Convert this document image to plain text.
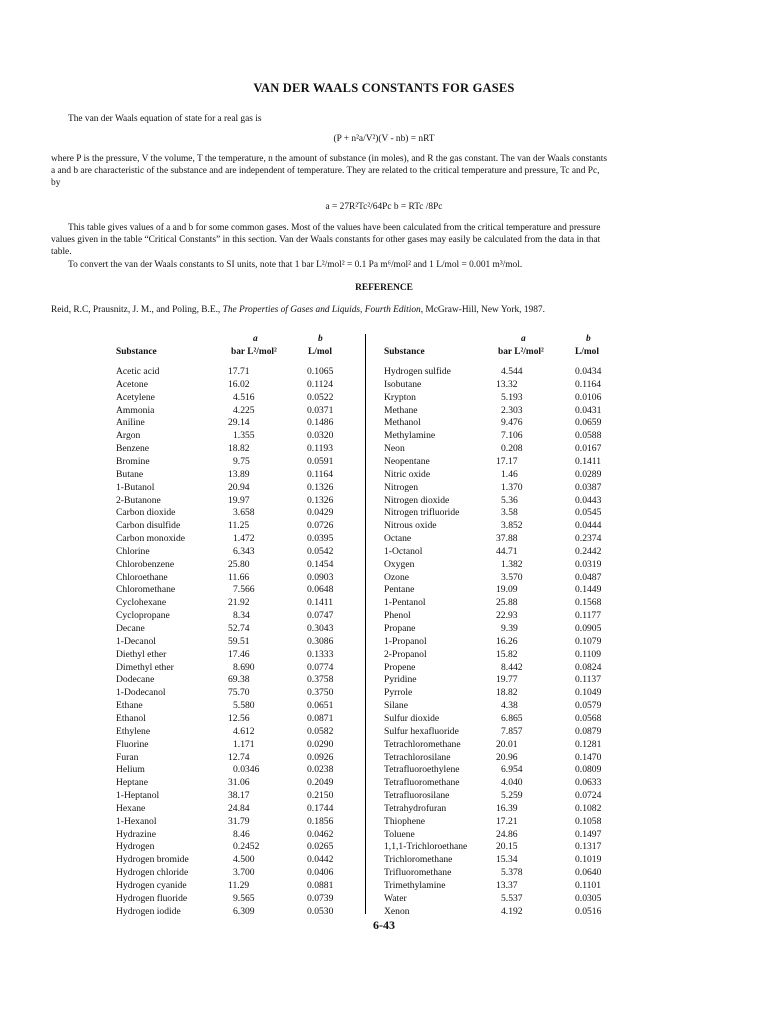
VAN DER WAALS CONSTANTS FOR GASES
The van der Waals equation of state for a real gas is
(P + n²a/V²)(V - nb) = nRT
where P is the pressure, V the volume, T the temperature, n the amount of substance (in moles), and R the gas constant. The van der Waals constants
a and b are characteristic of the substance and are independent of temperature. They are related to the critical temperature and pressure, Tc and Pc,
by
a = 27R²Tc²/64Pc b = RTc /8Pc
This table gives values of a and b for some common gases. Most of the values have been calculated from the critical temperature and pressure
values given in the table “Critical Constants” in this section. Van der Waals constants for other gases may easily be calculated from the data in that
table.
To convert the van der Waals constants to SI units, note that 1 bar L²/mol² = 0.1 Pa m⁶/mol² and 1 L/mol = 0.001 m³/mol.
REFERENCE
Reid, R.C, Prausnitz, J. M., and Poling, B.E., The Properties of Gases and Liquids, Fourth Edition, McGraw-Hill, New York, 1987.
a	b
Substance	bar L²/mol²	L/mol
a	b
Substance	bar L²/mol²	L/mol
Acetic acid	17.71	0.1065
Acetone	16.02	0.1124
Acetylene	4.516	0.0522
Ammonia	4.225	0.0371
Aniline	29.14	0.1486
Argon	1.355	0.0320
Benzene	18.82	0.1193
Bromine	9.75	0.0591
Butane	13.89	0.1164
1-Butanol	20.94	0.1326
2-Butanone	19.97	0.1326
Carbon dioxide	3.658	0.0429
Carbon disulfide	11.25	0.0726
Carbon monoxide	1.472	0.0395
Chlorine	6.343	0.0542
Chlorobenzene	25.80	0.1454
Chloroethane	11.66	0.0903
Chloromethane	7.566	0.0648
Cyclohexane	21.92	0.1411
Cyclopropane	8.34	0.0747
Decane	52.74	0.3043
1-Decanol	59.51	0.3086
Diethyl ether	17.46	0.1333
Dimethyl ether	8.690	0.0774
Dodecane	69.38	0.3758
1-Dodecanol	75.70	0.3750
Ethane	5.580	0.0651
Ethanol	12.56	0.0871
Ethylene	4.612	0.0582
Fluorine	1.171	0.0290
Furan	12.74	0.0926
Helium	0.0346	0.0238
Heptane	31.06	0.2049
1-Heptanol	38.17	0.2150
Hexane	24.84	0.1744
1-Hexanol	31.79	0.1856
Hydrazine	8.46	0.0462
Hydrogen	0.2452	0.0265
Hydrogen bromide	4.500	0.0442
Hydrogen chloride	3.700	0.0406
Hydrogen cyanide	11.29	0.0881
Hydrogen fluoride	9.565	0.0739
Hydrogen iodide	6.309	0.0530
Hydrogen sulfide	4.544	0.0434
Isobutane	13.32	0.1164
Krypton	5.193	0.0106
Methane	2.303	0.0431
Methanol	9.476	0.0659
Methylamine	7.106	0.0588
Neon	0.208	0.0167
Neopentane	17.17	0.1411
Nitric oxide	1.46	0.0289
Nitrogen	1.370	0.0387
Nitrogen dioxide	5.36	0.0443
Nitrogen trifluoride	3.58	0.0545
Nitrous oxide	3.852	0.0444
Octane	37.88	0.2374
1-Octanol	44.71	0.2442
Oxygen	1.382	0.0319
Ozone	3.570	0.0487
Pentane	19.09	0.1449
1-Pentanol	25.88	0.1568
Phenol	22.93	0.1177
Propane	9.39	0.0905
1-Propanol	16.26	0.1079
2-Propanol	15.82	0.1109
Propene	8.442	0.0824
Pyridine	19.77	0.1137
Pyrrole	18.82	0.1049
Silane	4.38	0.0579
Sulfur dioxide	6.865	0.0568
Sulfur hexafluoride	7.857	0.0879
Tetrachloromethane	20.01	0.1281
Tetrachlorosilane	20.96	0.1470
Tetrafluoroethylene	6.954	0.0809
Tetrafluoromethane	4.040	0.0633
Tetrafluorosilane	5.259	0.0724
Tetrahydrofuran	16.39	0.1082
Thiophene	17.21	0.1058
Toluene	24.86	0.1497
1,1,1-Trichloroethane	20.15	0.1317
Trichloromethane	15.34	0.1019
Trifluoromethane	5.378	0.0640
Trimethylamine	13.37	0.1101
Water	5.537	0.0305
Xenon	4.192	0.0516
6-43
